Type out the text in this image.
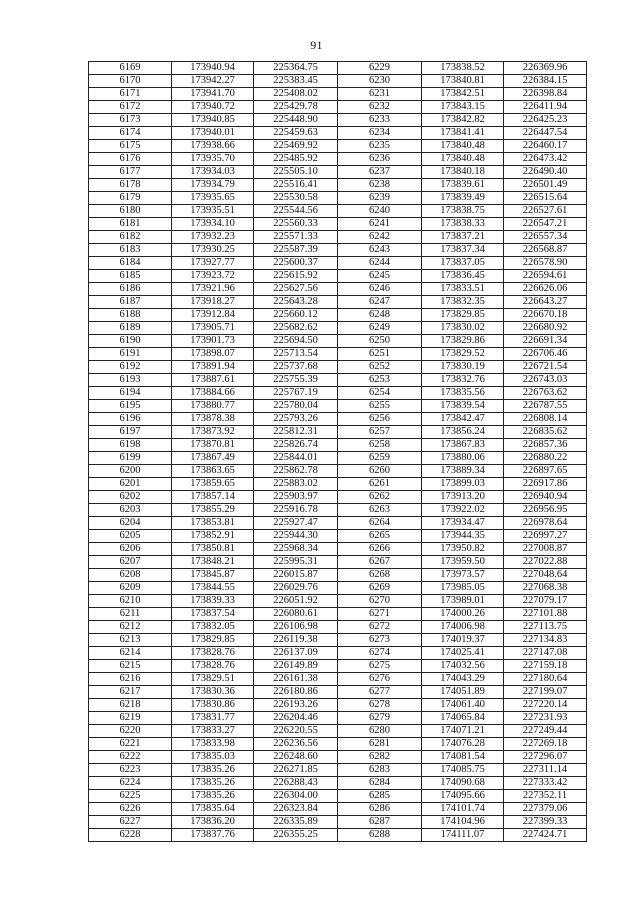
91
6169	173940.94	225364.75	6229	173838.52	226369.96
6170	173942.27	225383.45	6230	173840.81	226384.15
6171	173941.70	225408.02	6231	173842.51	226398.84
6172	173940.72	225429.78	6232	173843.15	226411.94
6173	173940.85	225448.90	6233	173842.82	226425.23
6174	173940.01	225459.63	6234	173841.41	226447.54
6175	173938.66	225469.92	6235	173840.48	226460.17
6176	173935.70	225485.92	6236	173840.48	226473.42
6177	173934.03	225505.10	6237	173840.18	226490.40
6178	173934.79	225516.41	6238	173839.61	226501.49
6179	173935.65	225530.58	6239	173839.49	226515.64
6180	173935.51	225544.56	6240	173838.75	226527.61
6181	173934.10	225560.33	6241	173838.33	226547.21
6182	173932.23	225571.33	6242	173837.21	226557.34
6183	173930.25	225587.39	6243	173837.34	226568.87
6184	173927.77	225600.37	6244	173837.05	226578.90
6185	173923.72	225615.92	6245	173836.45	226594.61
6186	173921.96	225627.56	6246	173833.51	226626.06
6187	173918.27	225643.28	6247	173832.35	226643.27
6188	173912.84	225660.12	6248	173829.85	226670.18
6189	173905.71	225682.62	6249	173830.02	226680.92
6190	173901.73	225694.50	6250	173829.86	226691.34
6191	173898.07	225713.54	6251	173829.52	226706.46
6192	173891.94	225737.68	6252	173830.19	226721.54
6193	173887.61	225755.39	6253	173832.76	226743.03
6194	173884.66	225767.19	6254	173835.56	226763.62
6195	173880.77	225780.04	6255	173839.54	226787.55
6196	173878.38	225793.26	6256	173842.47	226808.14
6197	173873.92	225812.31	6257	173856.24	226835.62
6198	173870.81	225826.74	6258	173867.83	226857.36
6199	173867.49	225844.01	6259	173880.06	226880.22
6200	173863.65	225862.78	6260	173889.34	226897.65
6201	173859.65	225883.02	6261	173899.03	226917.86
6202	173857.14	225903.97	6262	173913.20	226940.94
6203	173855.29	225916.78	6263	173922.02	226956.95
6204	173853.81	225927.47	6264	173934.47	226978.64
6205	173852.91	225944.30	6265	173944.35	226997.27
6206	173850.81	225968.34	6266	173950.82	227008.87
6207	173848.21	225995.31	6267	173959.50	227022.88
6208	173845.87	226015.87	6268	173973.57	227048.64
6209	173844.55	226029.76	6269	173985.05	227068.38
6210	173839.33	226051.92	6270	173989.01	227079.17
6211	173837.54	226080.61	6271	174000.26	227101.88
6212	173832.05	226106.98	6272	174006.98	227113.75
6213	173829.85	226119.38	6273	174019.37	227134.83
6214	173828.76	226137.09	6274	174025.41	227147.08
6215	173828.76	226149.89	6275	174032.56	227159.18
6216	173829.51	226161.38	6276	174043.29	227180.64
6217	173830.36	226180.86	6277	174051.89	227199.07
6218	173830.86	226193.26	6278	174061.40	227220.14
6219	173831.77	226204.46	6279	174065.84	227231.93
6220	173833.27	226220.55	6280	174071.21	227249.44
6221	173833.98	226236.56	6281	174076.28	227269.18
6222	173835.03	226248.60	6282	174081.54	227296.07
6223	173835.26	226271.85	6283	174085.75	227311.14
6224	173835.26	226288.43	6284	174090.68	227333.42
6225	173835.26	226304.00	6285	174095.66	227352.11
6226	173835.64	226323.84	6286	174101.74	227379.06
6227	173836.20	226335.89	6287	174104.96	227399.33
6228	173837.76	226355.25	6288	174111.07	227424.71
